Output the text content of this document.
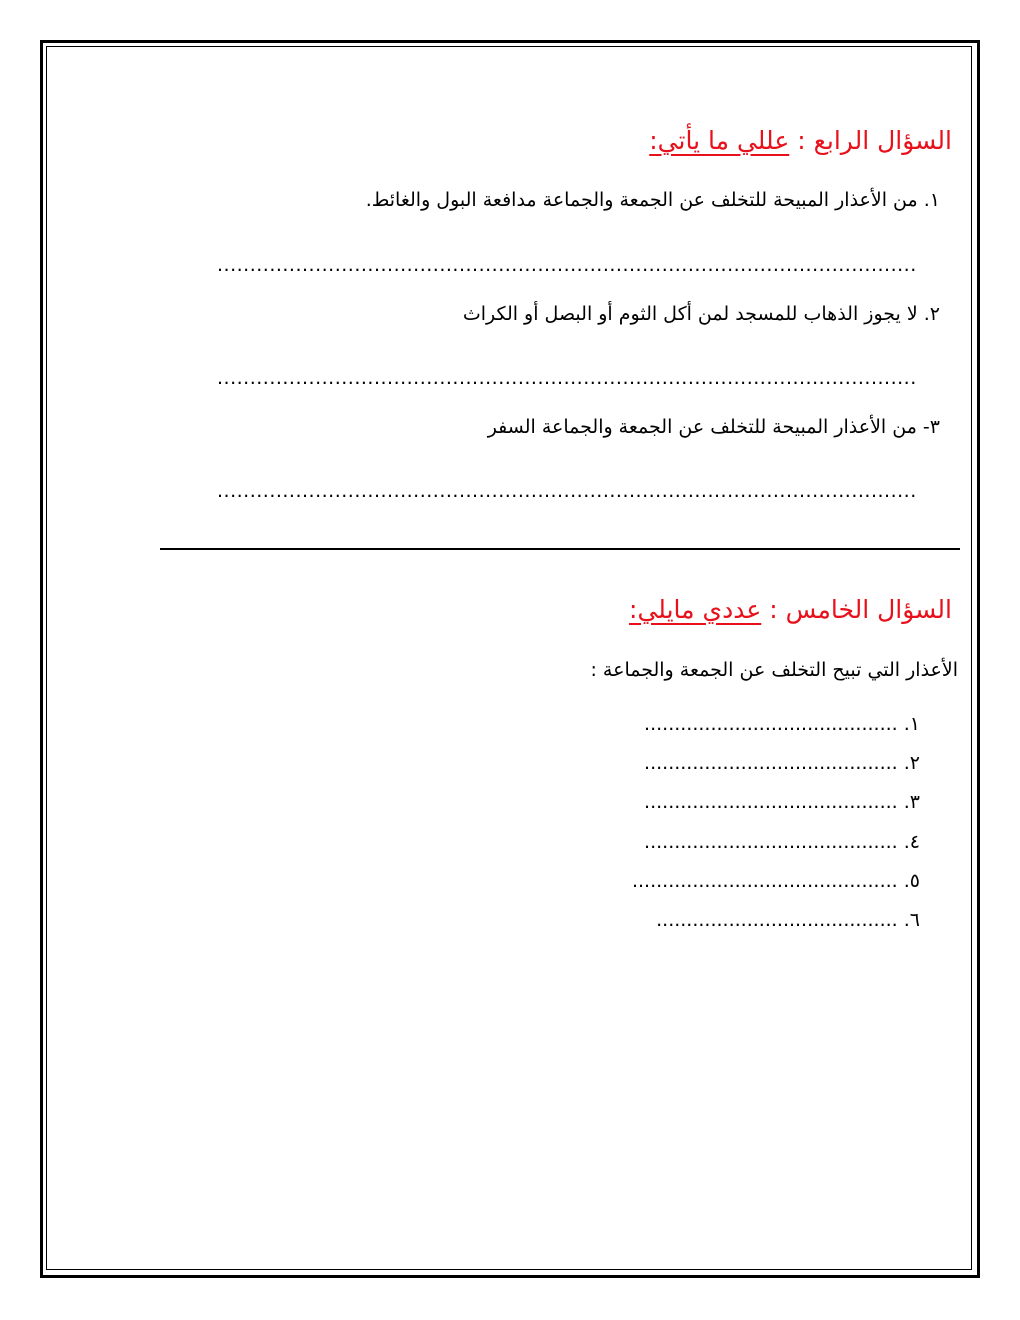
السؤال الرابع : عللي ما يأتي:
١. من الأعذار المبيحة للتخلف عن الجمعة والجماعة مدافعة البول والغائط.
...........................................................................................................
٢. لا يجوز الذهاب للمسجد لمن أكل الثوم أو البصل أو الكراث
...........................................................................................................
٣- من الأعذار المبيحة للتخلف عن الجمعة والجماعة السفر
...........................................................................................................
السؤال الخامس : عددي مايلي:
الأعذار التي تبيح التخلف عن الجمعة والجماعة :
١. ..........................................
٢. ..........................................
٣. ..........................................
٤. ..........................................
٥. ............................................
٦. ........................................
